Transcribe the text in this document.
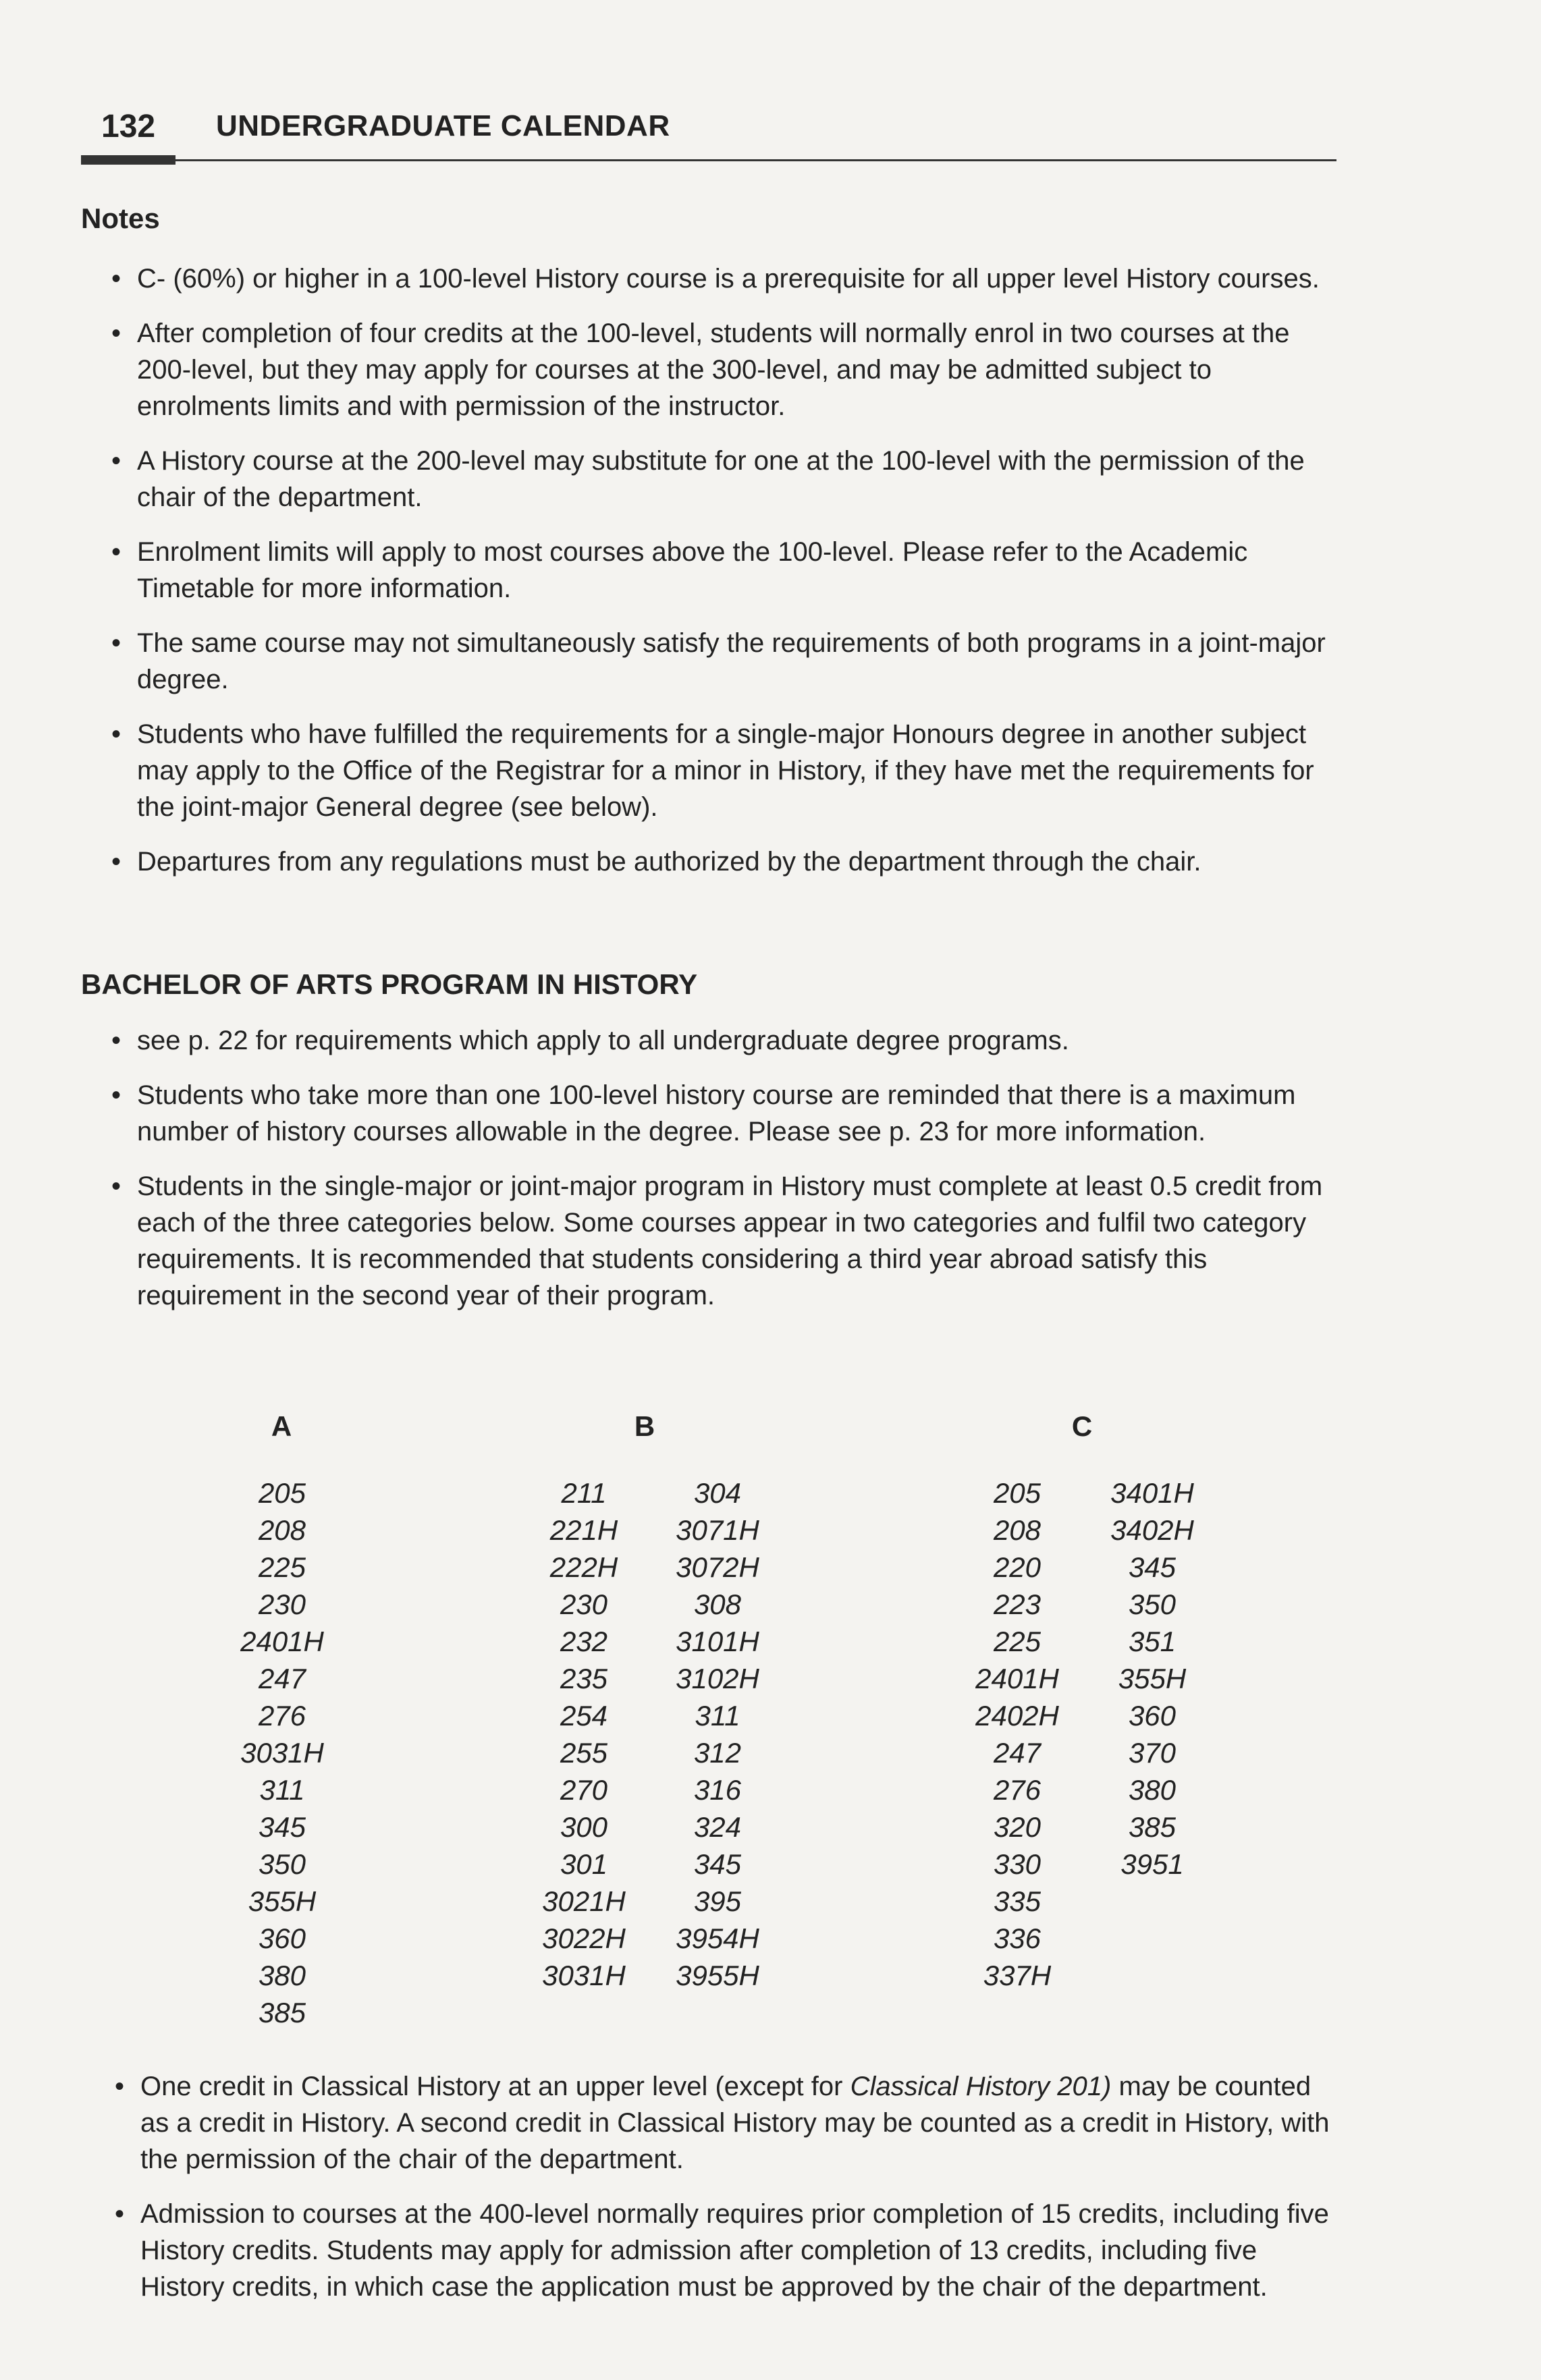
132 UNDERGRADUATE CALENDAR
Notes
• C- (60%) or higher in a 100-level History course is a prerequisite for all upper level History courses.
• After completion of four credits at the 100-level, students will normally enrol in two courses at the 200-level, but they may apply for courses at the 300-level, and may be admitted subject to enrolments limits and with permission of the instructor.
• A History course at the 200-level may substitute for one at the 100-level with the permission of the chair of the department.
• Enrolment limits will apply to most courses above the 100-level. Please refer to the Academic Timetable for more information.
• The same course may not simultaneously satisfy the requirements of both programs in a joint-major degree.
• Students who have fulfilled the requirements for a single-major Honours degree in another subject may apply to the Office of the Registrar for a minor in History, if they have met the requirements for the joint-major General degree (see below).
• Departures from any regulations must be authorized by the department through the chair.
BACHELOR OF ARTS PROGRAM IN HISTORY
• see p. 22 for requirements which apply to all undergraduate degree programs.
• Students who take more than one 100-level history course are reminded that there is a maximum number of history courses allowable in the degree. Please see p. 23 for more information.
• Students in the single-major or joint-major program in History must complete at least 0.5 credit from each of the three categories below. Some courses appear in two categories and fulfil two category requirements. It is recommended that students considering a third year abroad satisfy this requirement in the second year of their program.
A	B	C
205
208
225
230
2401H
247
276
3031H
311
345
350
355H
360
380
385
211
221H
222H
230
232
235
254
255
270
300
301
3021H
3022H
3031H
304
3071H
3072H
308
3101H
3102H
311
312
316
324
345
395
3954H
3955H
205
208
220
223
225
2401H
2402H
247
276
320
330
335
336
337H
3401H
3402H
345
350
351
355H
360
370
380
385
3951
• One credit in Classical History at an upper level (except for Classical History 201) may be counted as a credit in History. A second credit in Classical History may be counted as a credit in History, with the permission of the chair of the department.
• Admission to courses at the 400-level normally requires prior completion of 15 credits, including five History credits. Students may apply for admission after completion of 13 credits, including five History credits, in which case the application must be approved by the chair of the department.
